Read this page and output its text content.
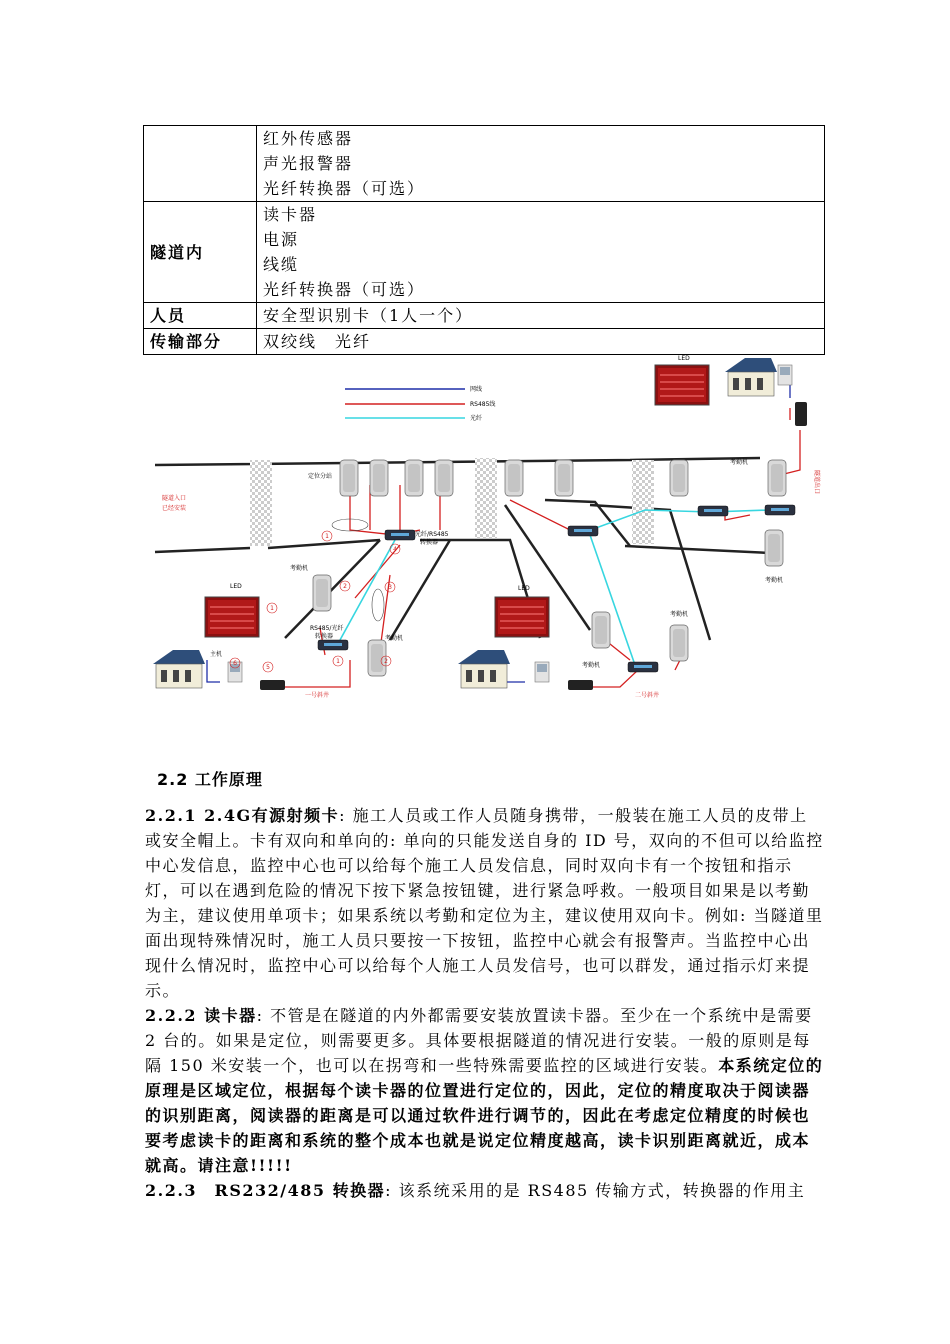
	红外传感器
声光报警器
光纤转换器（可选）

隧道内	读卡器
电源
线缆
光纤转换器（可选）

人员	安全型识别卡（1人一个）
传输部分	双绞线　光纤
网线
RS485线
光纤
隧道入口
已经安装
隧道出口
一号斜井	二号斜井
定位分站
光纤/RS485
转换器
RS485/光纤
转换器
考勤机
考勤机
考勤机
考勤机
考勤机
考勤机
LED	LED
LED
主机
1
4
2	3
1
5
6	1	2
2.2 工作原理

2.2.1 2.4G有源射频卡: 施工人员或工作人员随身携带，一般装在施工人员的皮带上或安全帽上。卡有双向和单向的: 单向的只能发送自身的 ID 号，双向的不但可以给监控中心发信息，监控中心也可以给每个施工人员发信息，同时双向卡有一个按钮和指示灯，可以在遇到危险的情况下按下紧急按钮键，进行紧急呼救。一般项目如果是以考勤为主，建议使用单项卡；如果系统以考勤和定位为主，建议使用双向卡。例如: 当隧道里面出现特殊情况时，施工人员只要按一下按钮，监控中心就会有报警声。当监控中心出现什么情况时，监控中心可以给每个人施工人员发信号，也可以群发，通过指示灯来提示。

2.2.2 读卡器: 不管是在隧道的内外都需要安装放置读卡器。至少在一个系统中是需要 2 台的。如果是定位，则需要更多。具体要根据隧道的情况进行安装。一般的原则是每隔 150 米安装一个，也可以在拐弯和一些特殊需要监控的区域进行安装。本系统定位的原理是区域定位，根据每个读卡器的位置进行定位的，因此，定位的精度取决于阅读器的识别距离，阅读器的距离是可以通过软件进行调节的，因此在考虑定位精度的时候也要考虑读卡的距离和系统的整个成本也就是说定位精度越高，读卡识别距离就近，成本就高。请注意!!!!!

2.2.3　RS232/485 转换器: 该系统采用的是 RS485 传输方式，转换器的作用主
